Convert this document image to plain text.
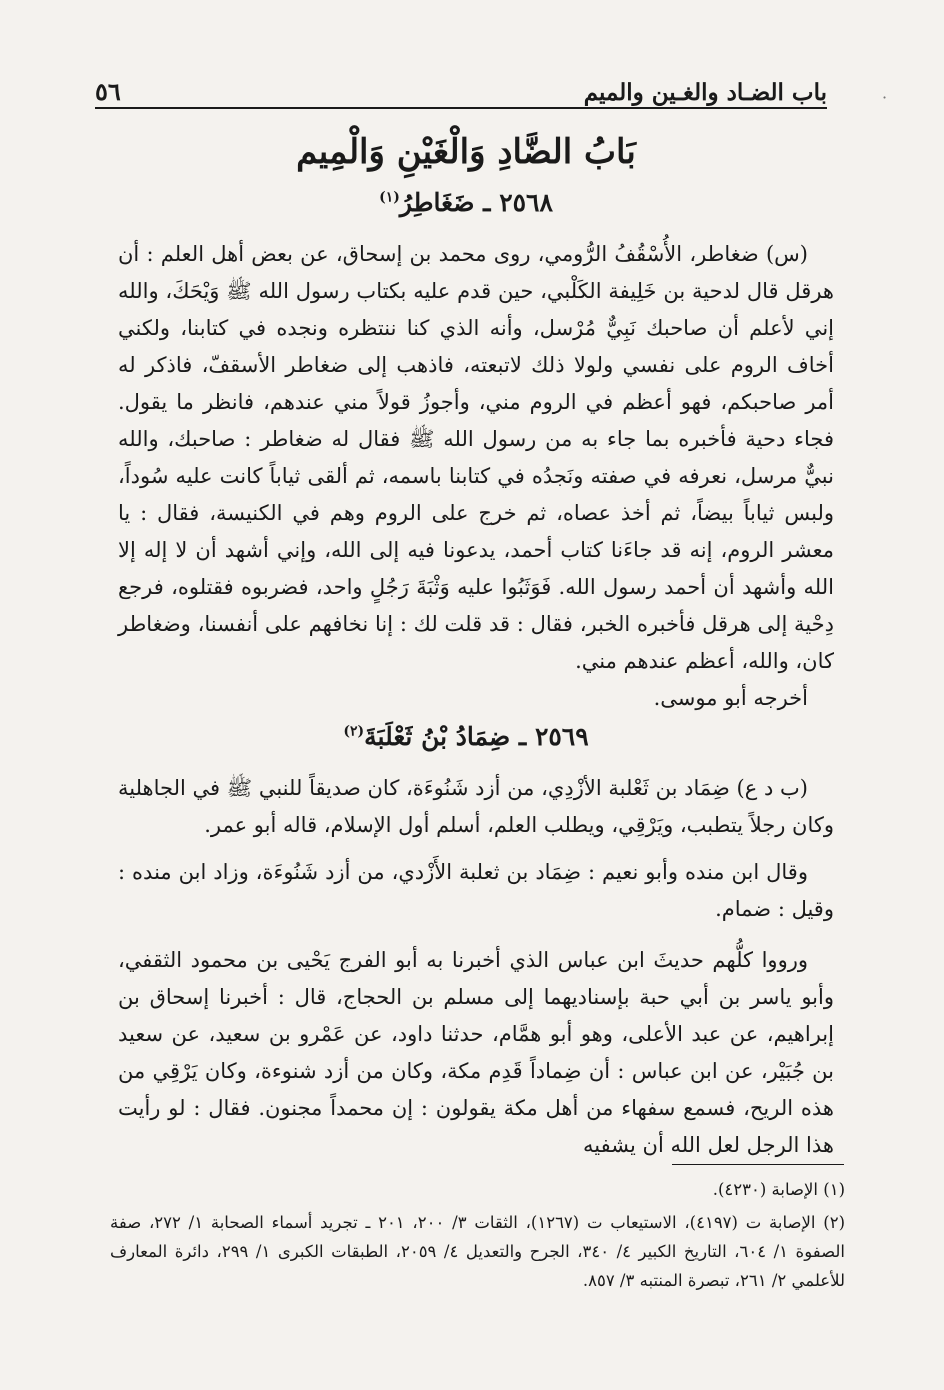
باب الضـاد والغـين والميم
٥٦	·
بَابُ الضَّادِ وَالْغَيْنِ وَالْمِيم
٢٥٦٨ ـ ضَغَاطِرُ$^{(١)}$

(س) ضغاطر، الأُسْقُفُ الرُّومي، روى محمد بن إسحاق، عن بعض أهل العلم : أن هرقل قال لدحية بن خَلِيفة الكَلْبي، حين قدم عليه بكتاب رسول الله ﷺ وَيْحَكَ، والله إني لأعلم أن صاحبك نَبِيٌّ مُرْسل، وأنه الذي كنا ننتظره ونجده في كتابنا، ولكني أخاف الروم على نفسي ولولا ذلك لاتبعته، فاذهب إلى ضغاطر الأسقفّ، فاذكر له أمر صاحبكم، فهو أعظم في الروم مني، وأجوزُ قولاً مني عندهم، فانظر ما يقول. فجاء دحية فأخبره بما جاء به من رسول الله ﷺ فقال له ضغاطر : صاحبك، والله نبيٌّ مرسل، نعرفه في صفته ونَجدُه في كتابنا باسمه، ثم ألقى ثياباً كانت عليه سُوداً، ولبس ثياباً بيضاً، ثم أخذ عصاه، ثم خرج على الروم وهم في الكنيسة، فقال : يا معشر الروم، إنه قد جاءَنا كتاب أحمد، يدعونا فيه إلى الله، وإني أشهد أن لا إله إلا الله وأشهد أن أحمد رسول الله. فَوَثَبُوا عليه وَثْبَةَ رَجُلٍ واحد، فضربوه فقتلوه، فرجع دِحْية إلى هرقل فأخبره الخبر، فقال : قد قلت لك : إنا نخافهم على أنفسنا، وضغاطر كان، والله، أعظم عندهم مني.

أخرجه أبو موسى.

٢٥٦٩ ـ ضِمَادُ بْنُ ثَعْلَبَةَ$^{(٢)}$

(ب د ع) ضِمَاد بن ثَعْلبة الأزْدِي، من أزد شَنُوءَة، كان صديقاً للنبي ﷺ في الجاهلية وكان رجلاً يتطبب، ويَرْقِي، ويطلب العلم، أسلم أول الإسلام، قاله أبو عمر.

وقال ابن منده وأبو نعيم : ضِمَاد بن ثعلبة الأَزْدي، من أزد شَنُوءَة، وزاد ابن منده : وقيل : ضمام.

ورووا كلُّهم حديثَ ابن عباس الذي أخبرنا به أبو الفرج يَحْيى بن محمود الثقفي، وأبو ياسر بن أبي حبة بإسناديهما إلى مسلم بن الحجاج، قال : أخبرنا إسحاق بن إبراهيم، عن عبد الأعلى، وهو أبو همَّام، حدثنا داود، عن عَمْرو بن سعيد، عن سعيد بن جُبَيْر، عن ابن عباس : أن ضِماداً قَدِم مكة، وكان من أزد شنوءة، وكان يَرْقِي من هذه الريح، فسمع سفهاء من أهل مكة يقولون : إن محمداً مجنون. فقال : لو رأيت هذا الرجل لعل الله أن يشفيه

(١) الإصابة (٤٢٣٠).

(٢) الإصابة ت (٤١٩٧)، الاستيعاب ت (١٢٦٧)، الثقات ٣/ ٢٠٠، ٢٠١ ـ تجريد أسماء الصحابة ١/ ٢٧٢، صفة الصفوة ١/ ٦٠٤، التاريخ الكبير ٤/ ٣٤٠، الجرح والتعديل ٤/ ٢٠٥٩، الطبقات الكبرى ١/ ٢٩٩، دائرة المعارف للأعلمي ٢/ ٢٦١، تبصرة المنتبه ٣/ ٨٥٧.
